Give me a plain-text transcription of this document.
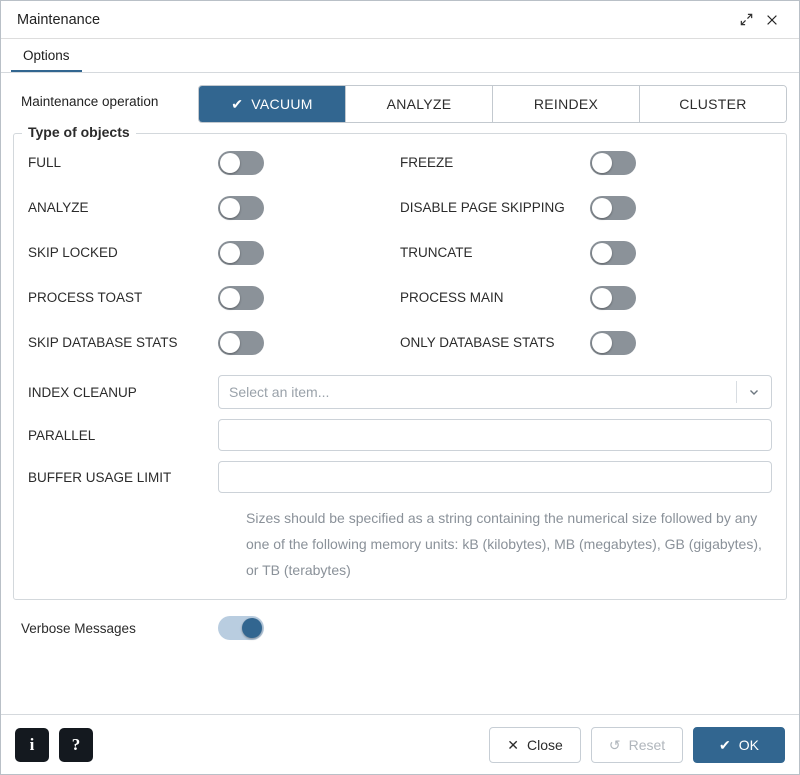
Maintenance
Options
Maintenance operation	✔ VACUUM	ANALYZE	REINDEX	CLUSTER
Type of objects
FULL	FREEZE
ANALYZE	DISABLE PAGE SKIPPING
SKIP LOCKED	TRUNCATE
PROCESS TOAST	PROCESS MAIN
SKIP DATABASE STATS	ONLY DATABASE STATS
INDEX CLEANUP	Select an item...
PARALLEL
BUFFER USAGE LIMIT
Sizes should be specified as a string containing the numerical size followed by any one of the following memory units: kB (kilobytes), MB (megabytes), GB (gigabytes), or TB (terabytes)
Verbose Messages
i	?	✕ Close	↺ Reset	✔ OK
